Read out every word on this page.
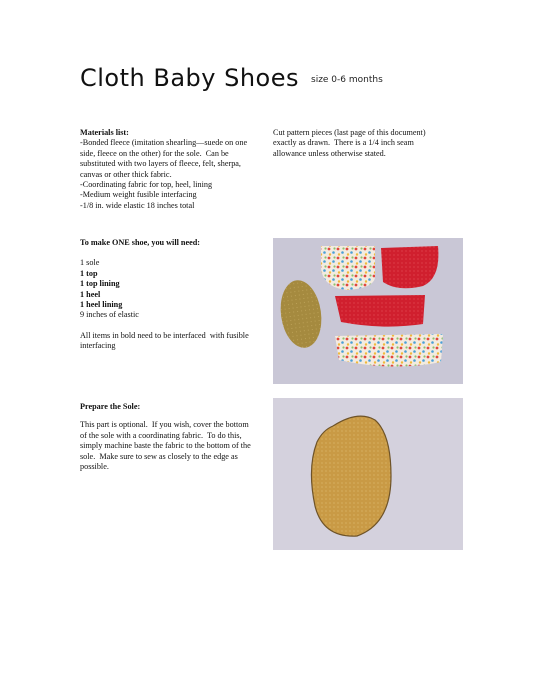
Cloth Baby Shoes $^{size 0-6 months}$
Materials list:
-Bonded fleece (imitation shearling—suede on one
side, fleece on the other) for the sole.  Can be
substituted with two layers of fleece, felt, sherpa,
canvas or other thick fabric.
-Coordinating fabric for top, heel, lining
-Medium weight fusible interfacing
-1/8 in. wide elastic 18 inches total
Cut pattern pieces (last page of this document)
exactly as drawn.  There is a 1/4 inch seam
allowance unless otherwise stated.
To make ONE shoe, you will need:
1 sole
1 top
1 top lining
1 heel
1 heel lining
9 inches of elastic
All items in bold need to be interfaced  with fusible
interfacing
Prepare the Sole:
This part is optional.  If you wish, cover the bottom
of the sole with a coordinating fabric.  To do this,
simply machine baste the fabric to the bottom of the
sole.  Make sure to sew as closely to the edge as
possible.
